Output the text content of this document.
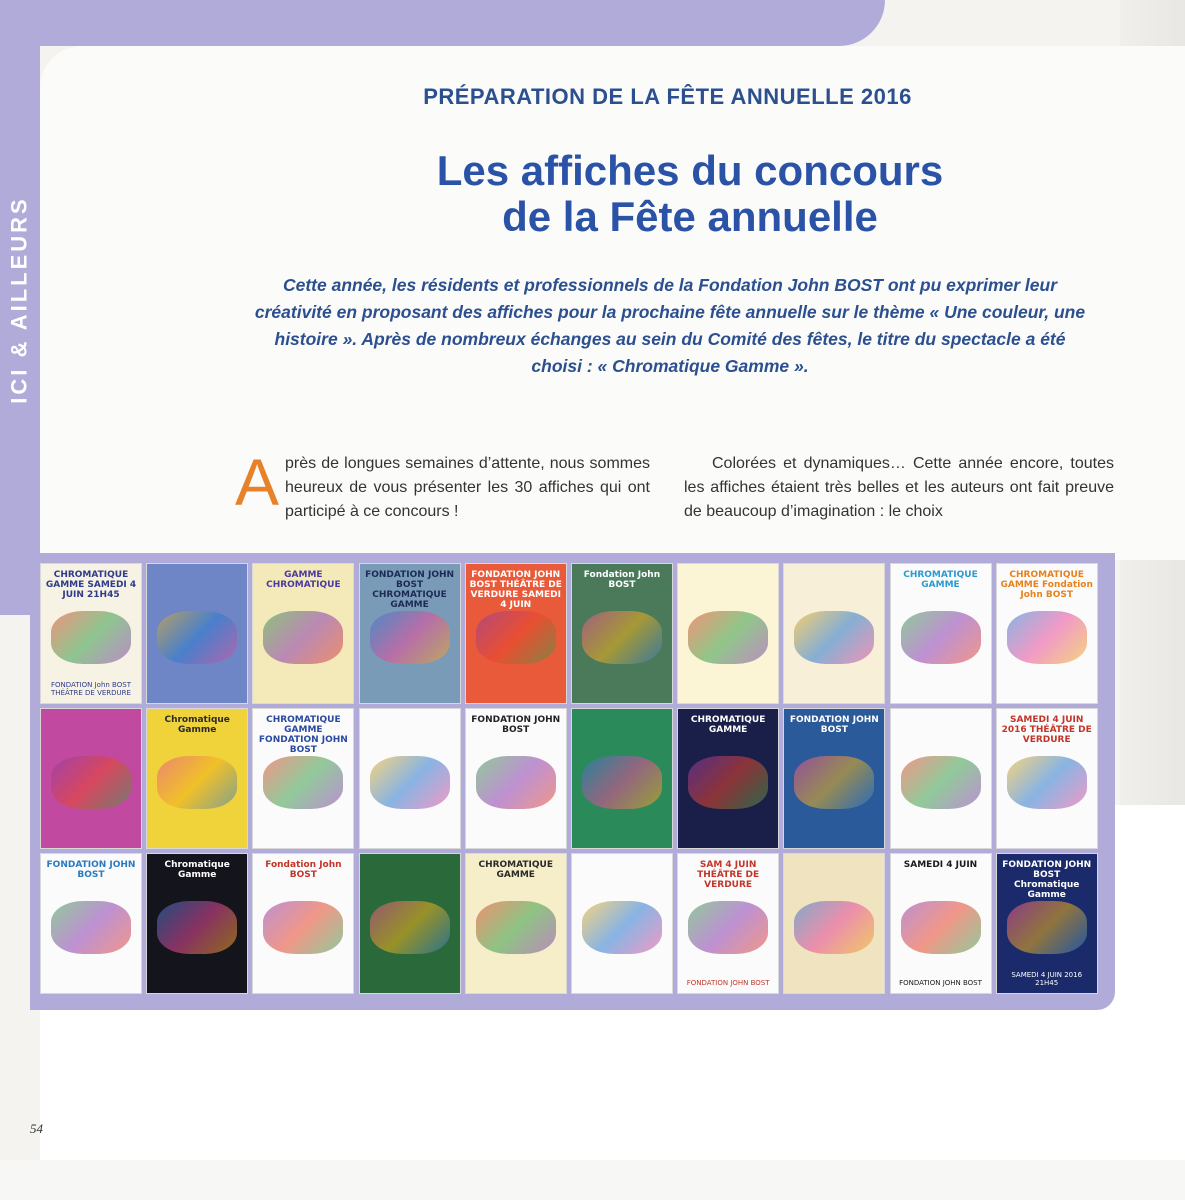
ICI & AILLEURS
PRÉPARATION DE LA FÊTE ANNUELLE 2016
Les affiches du concours
de la Fête annuelle
Cette année, les résidents et professionnels de la Fondation John BOST ont pu exprimer leur créativité en proposant des affiches pour la prochaine fête annuelle sur le thème « Une couleur, une histoire ». Après de nombreux échanges au sein du Comité des fêtes, le titre du spectacle a été choisi : « Chromatique Gamme ».
Après de longues semaines d’attente, nous sommes heureux de vous présenter les 30 affiches qui ont participé à ce concours !
Colorées et dynamiques… Cette année encore, toutes les affiches étaient très belles et les auteurs ont fait preuve de beaucoup d’imagination : le choix
CHROMATIQUE GAMME SAMEDI 4 JUIN 21H45
FONDATION John BOST THÉÂTRE DE VERDURE
GAMME CHROMATIQUE
FONDATION JOHN BOST CHROMATIQUE GAMME
FONDATION JOHN BOST THÉÂTRE DE VERDURE SAMEDI 4 JUIN
Fondation John BOST
CHROMATIQUE GAMME
CHROMATIQUE GAMME Fondation John BOST
Chromatique Gamme
CHROMATIQUE GAMME FONDATION JOHN BOST
FONDATION JOHN BOST
CHROMATIQUE GAMME
FONDATION JOHN BOST
SAMEDI 4 JUIN 2016 THÉÂTRE DE VERDURE
FONDATION JOHN BOST
Chromatique Gamme
Fondation John BOST
CHROMATIQUE GAMME
SAM 4 JUIN THÉÂTRE DE VERDURE
FONDATION JOHN BOST
SAMEDI 4 JUIN
FONDATION JOHN BOST
FONDATION JOHN BOST Chromatique Gamme
SAMEDI 4 JUIN 2016 21H45
54
